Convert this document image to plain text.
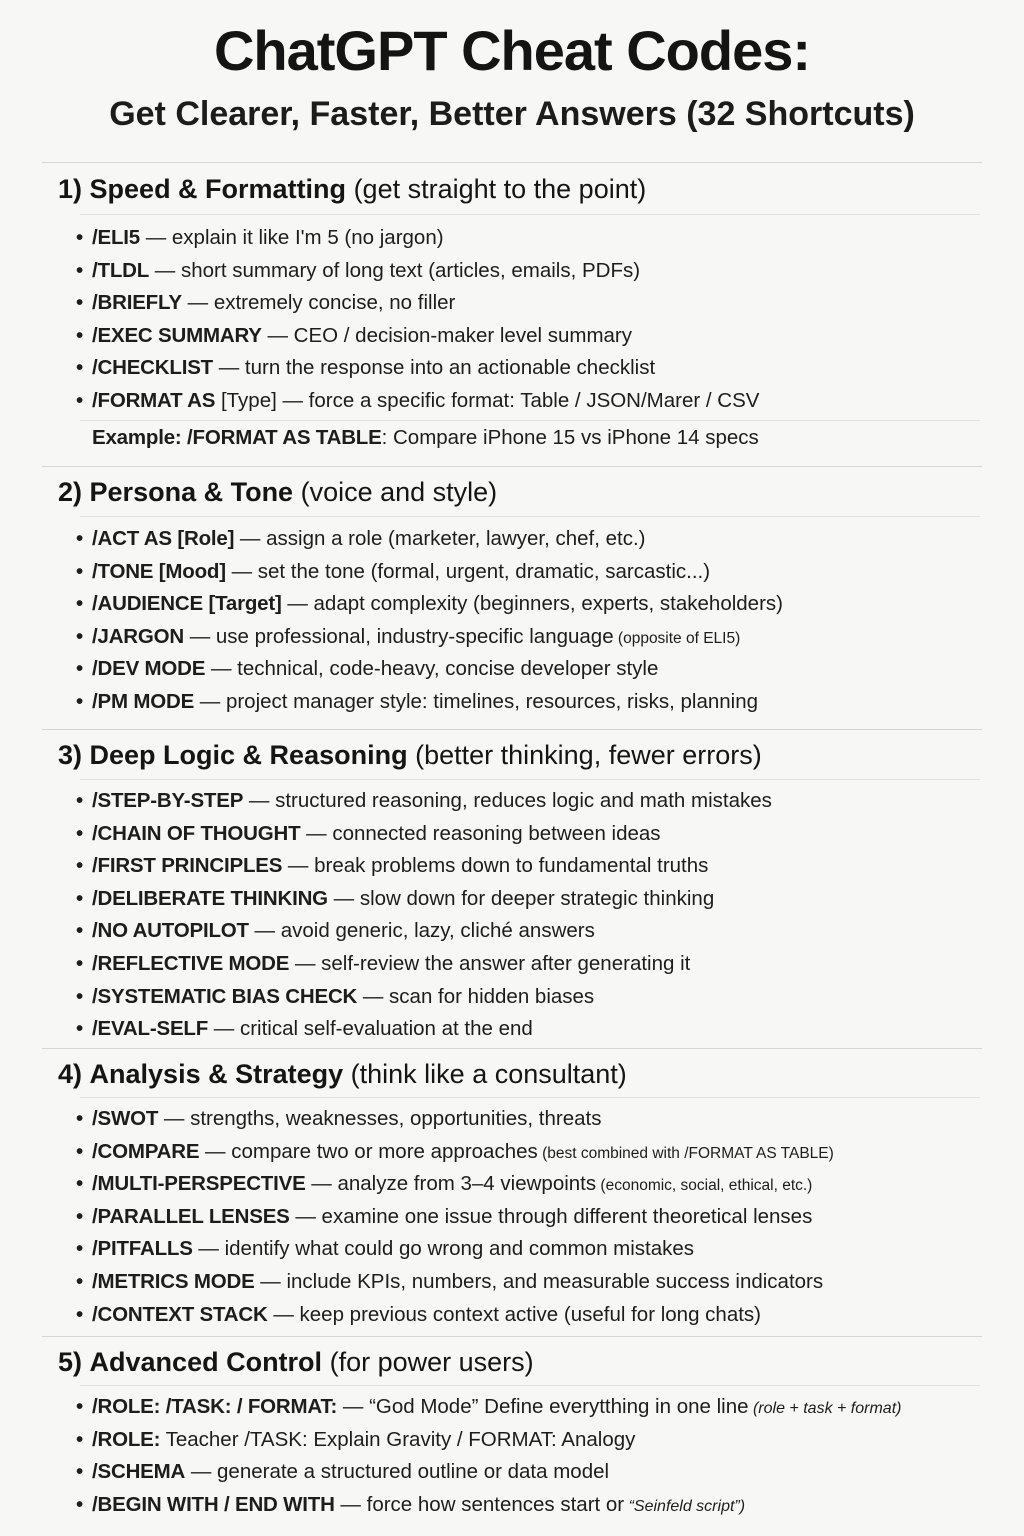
ChatGPT Cheat Codes:
Get Clearer, Faster, Better Answers (32 Shortcuts)
1) Speed & Formatting (get straight to the point)
• /ELI5 — explain it like I'm 5 (no jargon)
• /TLDL — short summary of long text (articles, emails, PDFs)
• /BRIEFLY — extremely concise, no filler
• /EXEC SUMMARY — CEO / decision-maker level summary
• /CHECKLIST — turn the response into an actionable checklist
• /FORMAT AS [Type] — force a specific format: Table / JSON/Marer / CSV
Example: /FORMAT AS TABLE: Compare iPhone 15 vs iPhone 14 specs
2) Persona & Tone (voice and style)
• /ACT AS [Role] — assign a role (marketer, lawyer, chef, etc.)
• /TONE [Mood] — set the tone (formal, urgent, dramatic, sarcastic...)
• /AUDIENCE [Target] — adapt complexity (beginners, experts, stakeholders)
• /JARGON — use professional, industry-specific language (opposite of ELI5)
• /DEV MODE — technical, code-heavy, concise developer style
• /PM MODE — project manager style: timelines, resources, risks, planning
3) Deep Logic & Reasoning (better thinking, fewer errors)
• /STEP-BY-STEP — structured reasoning, reduces logic and math mistakes
• /CHAIN OF THOUGHT — connected reasoning between ideas
• /FIRST PRINCIPLES — break problems down to fundamental truths
• /DELIBERATE THINKING — slow down for deeper strategic thinking
• /NO AUTOPILOT — avoid generic, lazy, cliché answers
• /REFLECTIVE MODE — self-review the answer after generating it
• /SYSTEMATIC BIAS CHECK — scan for hidden biases
• /EVAL-SELF — critical self-evaluation at the end
4) Analysis & Strategy (think like a consultant)
• /SWOT — strengths, weaknesses, opportunities, threats
• /COMPARE — compare two or more approaches (best combined with /FORMAT AS TABLE)
• /MULTI-PERSPECTIVE — analyze from 3–4 viewpoints (economic, social, ethical, etc.)
• /PARALLEL LENSES — examine one issue through different theoretical lenses
• /PITFALLS — identify what could go wrong and common mistakes
• /METRICS MODE — include KPIs, numbers, and measurable success indicators
• /CONTEXT STACK — keep previous context active (useful for long chats)
5) Advanced Control (for power users)
• /ROLE: /TASK: / FORMAT: — “God Mode” Define everytthing in one line (role + task + format)
• /ROLE: Teacher /TASK: Explain Gravity / FORMAT: Analogy
• /SCHEMA — generate a structured outline or data model
• /BEGIN WITH / END WITH — force how sentences start or “Seinfeld script”)
